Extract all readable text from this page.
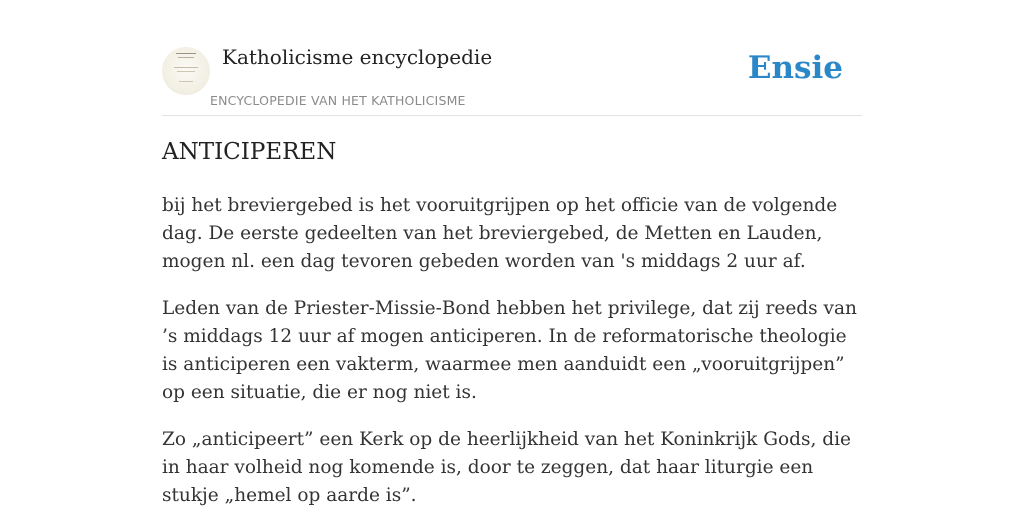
Katholicisme encyclopedie
ENCYCLOPEDIE VAN HET KATHOLICISME
Ensie
ANTICIPEREN

bij het breviergebed is het vooruitgrijpen op het officie van de volgende dag. De eerste gedeelten van het breviergebed, de Metten en Lauden, mogen nl. een dag tevoren gebeden worden van 's middags 2 uur af.

Leden van de Priester-Missie-Bond hebben het privilege, dat zij reeds van ’s middags 12 uur af mogen anticiperen. In de reformatorische theologie is anticiperen een vakterm, waarmee men aanduidt een „vooruitgrijpen” op een situatie, die er nog niet is.

Zo „anticipeert” een Kerk op de heerlijkheid van het Koninkrijk Gods, die in haar volheid nog komende is, door te zeggen, dat haar liturgie een stukje „hemel op aarde is”.
